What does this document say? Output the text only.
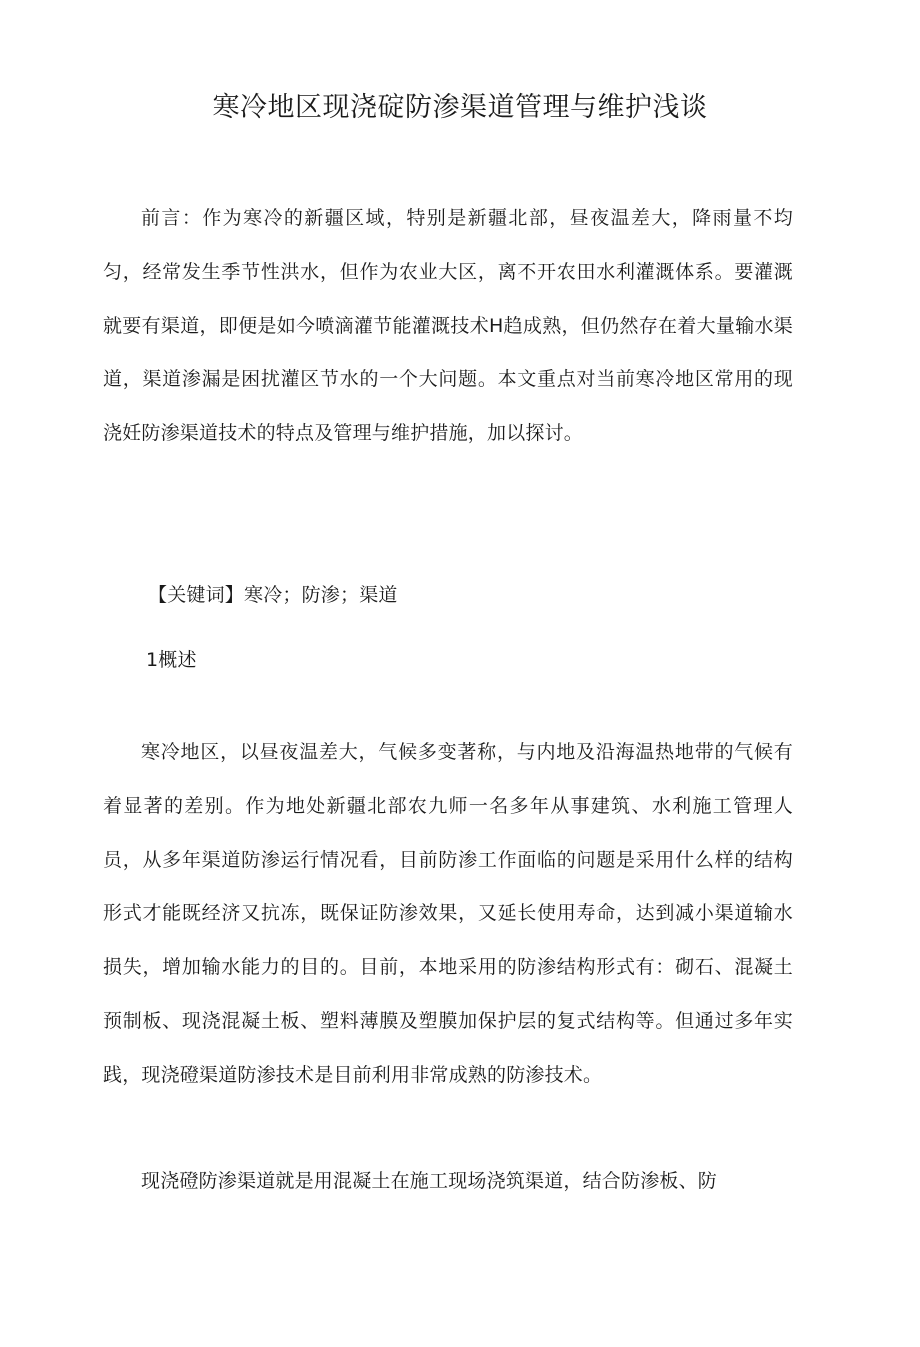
寒冷地区现浇碇防渗渠道管理与维护浅谈

前言：作为寒冷的新疆区域，特别是新疆北部，昼夜温差大，降雨量不均匀，经常发生季节性洪水，但作为农业大区，离不开农田水利灌溉体系。要灌溉就要有渠道，即便是如今喷滴灌节能灌溉技术H趋成熟，但仍然存在着大量输水渠道，渠道渗漏是困扰灌区节水的一个大问题。本文重点对当前寒冷地区常用的现浇妊防渗渠道技术的特点及管理与维护措施，加以探讨。

【关键词】寒冷；防渗；渠道

1概述

寒冷地区，以昼夜温差大，气候多变著称，与内地及沿海温热地带的气候有着显著的差别。作为地处新疆北部农九师一名多年从事建筑、水利施工管理人员，从多年渠道防渗运行情况看，目前防渗工作面临的问题是采用什么样的结构形式才能既经济又抗冻，既保证防渗效果，又延长使用寿命，达到减小渠道输水损失，增加输水能力的目的。目前，本地采用的防渗结构形式有：砌石、混凝土预制板、现浇混凝土板、塑料薄膜及塑膜加保护层的复式结构等。但通过多年实践，现浇磴渠道防渗技术是目前利用非常成熟的防渗技术。

现浇磴防渗渠道就是用混凝土在施工现场浇筑渠道，结合防渗板、防
